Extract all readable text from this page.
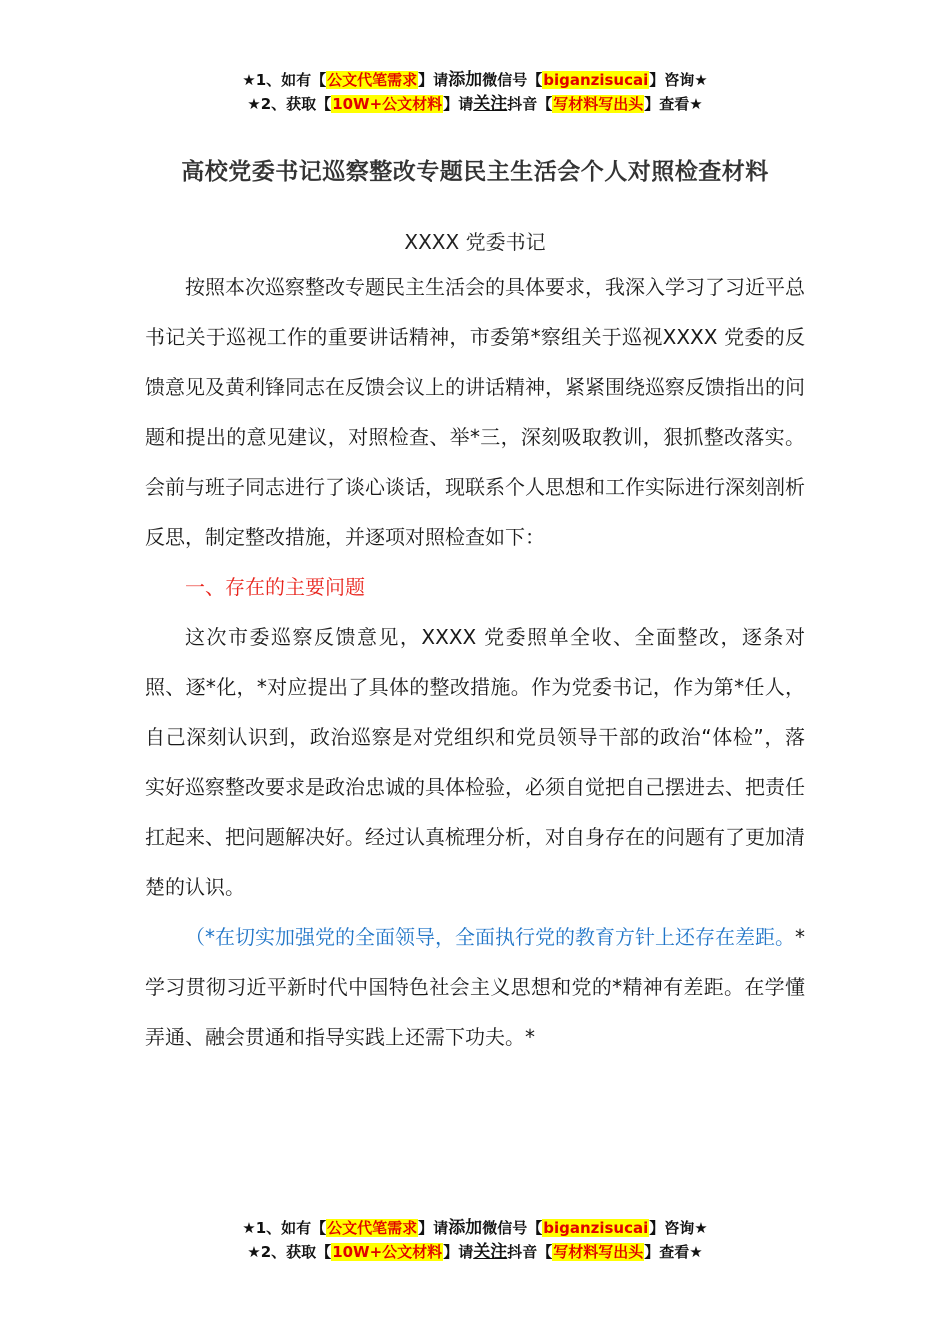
★1、如有【公文代笔需求】请添加微信号【biganzisucai】咨询★
★2、获取【10W+公文材料】请关注抖音【写材料写出头】查看★
高校党委书记巡察整改专题民主生活会个人对照检查材料
XXXX 党委书记

按照本次巡察整改专题民主生活会的具体要求，我深入学习了习近平总书记关于巡视工作的重要讲话精神，市委第*察组关于巡视XXXX 党委的反馈意见及黄利锋同志在反馈会议上的讲话精神，紧紧围绕巡察反馈指出的问题和提出的意见建议，对照检查、举*三，深刻吸取教训，狠抓整改落实。会前与班子同志进行了谈心谈话，现联系个人思想和工作实际进行深刻剖析反思，制定整改措施，并逐项对照检查如下：

一、存在的主要问题

这次市委巡察反馈意见，XXXX 党委照单全收、全面整改，逐条对照、逐*化，*对应提出了具体的整改措施。作为党委书记，作为第*任人，自己深刻认识到，政治巡察是对党组织和党员领导干部的政治“体检”，落实好巡察整改要求是政治忠诚的具体检验，必须自觉把自己摆进去、把责任扛起来、把问题解决好。经过认真梳理分析，对自身存在的问题有了更加清楚的认识。

（*在切实加强党的全面领导，全面执行党的教育方针上还存在差距。*学习贯彻习近平新时代中国特色社会主义思想和党的*精神有差距。在学懂弄通、融会贯通和指导实践上还需下功夫。*

★1、如有【公文代笔需求】请添加微信号【biganzisucai】咨询★
★2、获取【10W+公文材料】请关注抖音【写材料写出头】查看★
